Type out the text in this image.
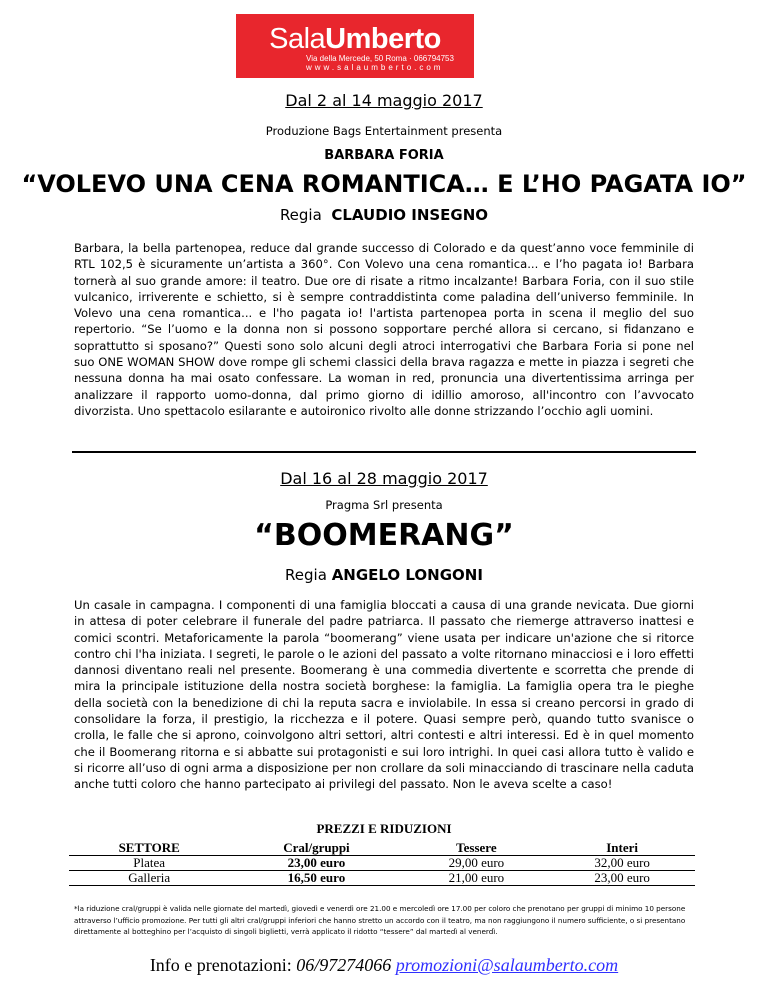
SalaUmberto
Via della Mercede, 50 Roma · 066794753
www.salaumberto.com
Dal 2 al 14 maggio 2017
Produzione Bags Entertainment presenta
BARBARA FORIA
“VOLEVO UNA CENA ROMANTICA… E L’HO PAGATA IO”
Regia CLAUDIO INSEGNO
Barbara, la bella partenopea, reduce dal grande successo di Colorado e da quest’anno voce femminile di RTL 102,5 è sicuramente un’artista a 360°. Con Volevo una cena romantica... e l’ho pagata io! Barbara tornerà al suo grande amore: il teatro. Due ore di risate a ritmo incalzante! Barbara Foria, con il suo stile vulcanico, irriverente e schietto, si è sempre contraddistinta come paladina dell’universo femminile. In Volevo una cena romantica... e l'ho pagata io! l'artista partenopea porta in scena il meglio del suo repertorio. “Se l’uomo e la donna non si possono sopportare perché allora si cercano, si fidanzano e soprattutto si sposano?” Questi sono solo alcuni degli atroci interrogativi che Barbara Foria si pone nel suo ONE WOMAN SHOW dove rompe gli schemi classici della brava ragazza e mette in piazza i segreti che nessuna donna ha mai osato confessare. La woman in red, pronuncia una divertentissima arringa per analizzare il rapporto uomo-donna, dal primo giorno di idillio amoroso, all'incontro con l’avvocato divorzista. Uno spettacolo esilarante e autoironico rivolto alle donne strizzando l’occhio agli uomini.
Dal 16 al 28 maggio 2017
Pragma Srl presenta
“BOOMERANG”
Regia ANGELO LONGONI
Un casale in campagna. I componenti di una famiglia bloccati a causa di una grande nevicata. Due giorni in attesa di poter celebrare il funerale del padre patriarca. Il passato che riemerge attraverso inattesi e comici scontri. Metaforicamente la parola “boomerang” viene usata per indicare un'azione che si ritorce contro chi l'ha iniziata. I segreti, le parole o le azioni del passato a volte ritornano minacciosi e i loro effetti dannosi diventano reali nel presente. Boomerang è una commedia divertente e scorretta che prende di mira la principale istituzione della nostra società borghese: la famiglia. La famiglia opera tra le pieghe della società con la benedizione di chi la reputa sacra e inviolabile. In essa si creano percorsi in grado di consolidare la forza, il prestigio, la ricchezza e il potere. Quasi sempre però, quando tutto svanisce o crolla, le falle che si aprono, coinvolgono altri settori, altri contesti e altri interessi. Ed è in quel momento che il Boomerang ritorna e si abbatte sui protagonisti e sui loro intrighi. In quei casi allora tutto è valido e si ricorre all’uso di ogni arma a disposizione per non crollare da soli minacciando di trascinare nella caduta anche tutti coloro che hanno partecipato ai privilegi del passato. Non le aveva scelte a caso!
PREZZI E RIDUZIONI
SETTORE	Cral/gruppi	Tessere	Interi
Platea	23,00 euro	29,00 euro	32,00 euro
Galleria	16,50 euro	21,00 euro	23,00 euro
*la riduzione cral/gruppi è valida nelle giornate del martedì, giovedì e venerdì ore 21.00 e mercoledì ore 17.00 per coloro che prenotano per gruppi di minimo 10 persone attraverso l’ufficio promozione. Per tutti gli altri cral/gruppi inferiori che hanno stretto un accordo con il teatro, ma non raggiungono il numero sufficiente, o si presentano direttamente al botteghino per l’acquisto di singoli biglietti, verrà applicato il ridotto “tessere” dal martedì al venerdì.
Info e prenotazioni: 06/97274066 promozioni@salaumberto.com
